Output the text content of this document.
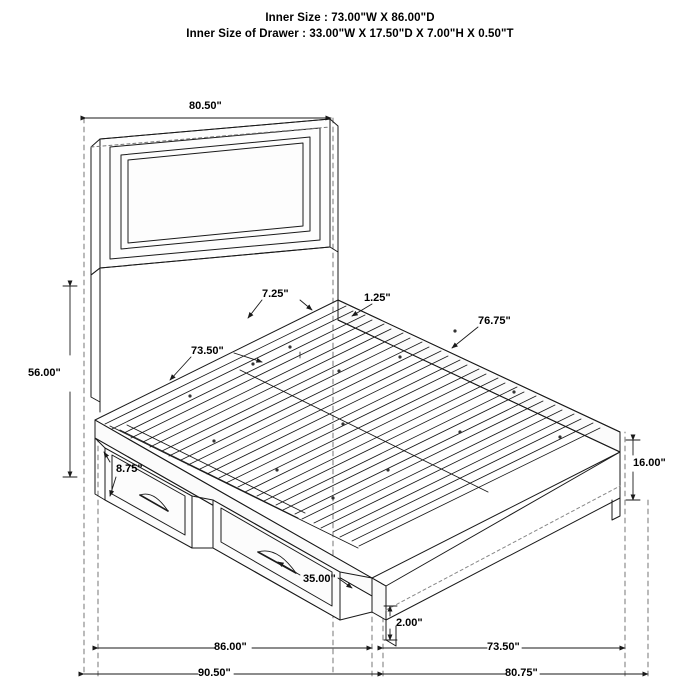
Inner Size : 73.00"W X 86.00"D
Inner Size of Drawer : 33.00"W X 17.50"D X 7.00"H X 0.50"T
80.50"
7.25"	1.25"
76.75"
73.50"
56.00"
8.75"	16.00"
35.00"
2.00"
86.00"	73.50"
90.50"	80.75"
